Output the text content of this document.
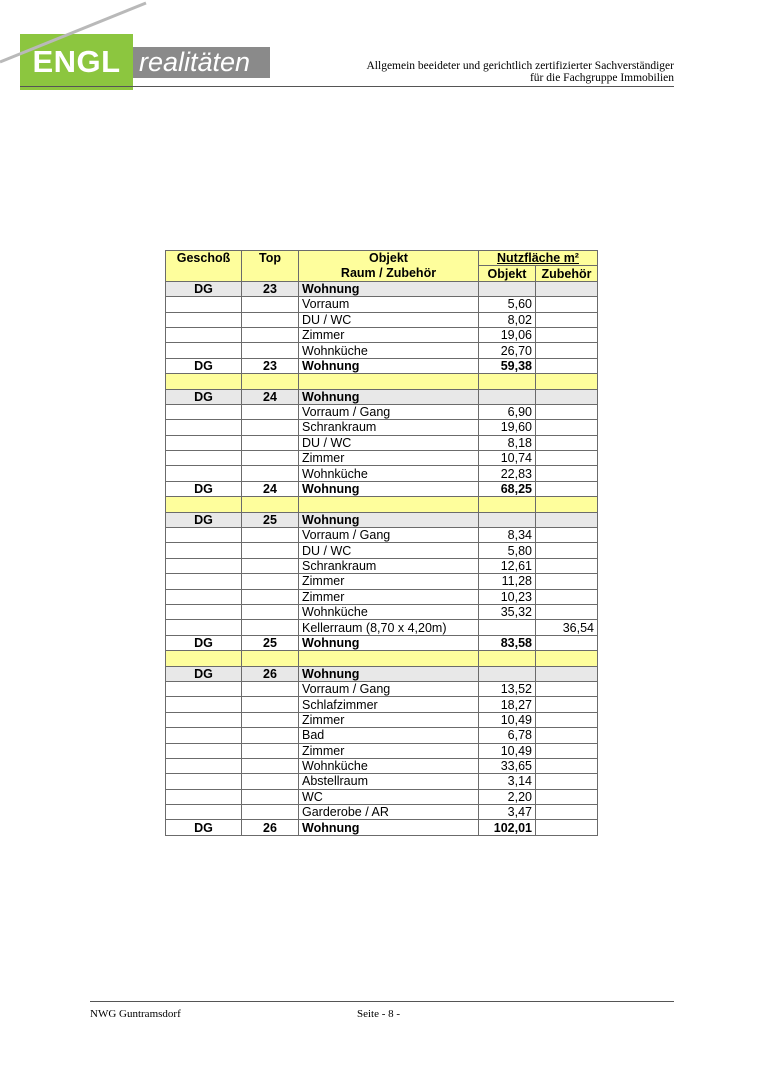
ENGL realitäten	Allgemein beeideter und gerichtlich zertifizierter Sachverständiger
für die Fachgruppe Immobilien
Geschoß	Top	Objekt	Nutzfläche m²	
		Raum / Zubehör	Objekt	Zubehör
DG	23	Wohnung		
		Vorraum	5,60	
		DU / WC	8,02	
		Zimmer	19,06	
		Wohnküche	26,70	
DG	23	Wohnung	59,38	

DG	24	Wohnung		
		Vorraum / Gang	6,90	
		Schrankraum	19,60	
		DU / WC	8,18	
		Zimmer	10,74	
		Wohnküche	22,83	
DG	24	Wohnung	68,25	

DG	25	Wohnung		
		Vorraum / Gang	8,34	
		DU / WC	5,80	
		Schrankraum	12,61	
		Zimmer	11,28	
		Zimmer	10,23	
		Wohnküche	35,32	
		Kellerraum (8,70 x 4,20m)		36,54
DG	25	Wohnung	83,58	

DG	26	Wohnung		
		Vorraum / Gang	13,52	
		Schlafzimmer	18,27	
		Zimmer	10,49	
		Bad	6,78	
		Zimmer	10,49	
		Wohnküche	33,65	
		Abstellraum	3,14	
		WC	2,20	
		Garderobe / AR	3,47	
DG	26	Wohnung	102,01	
NWG Guntramsdorf	Seite - 8 -
